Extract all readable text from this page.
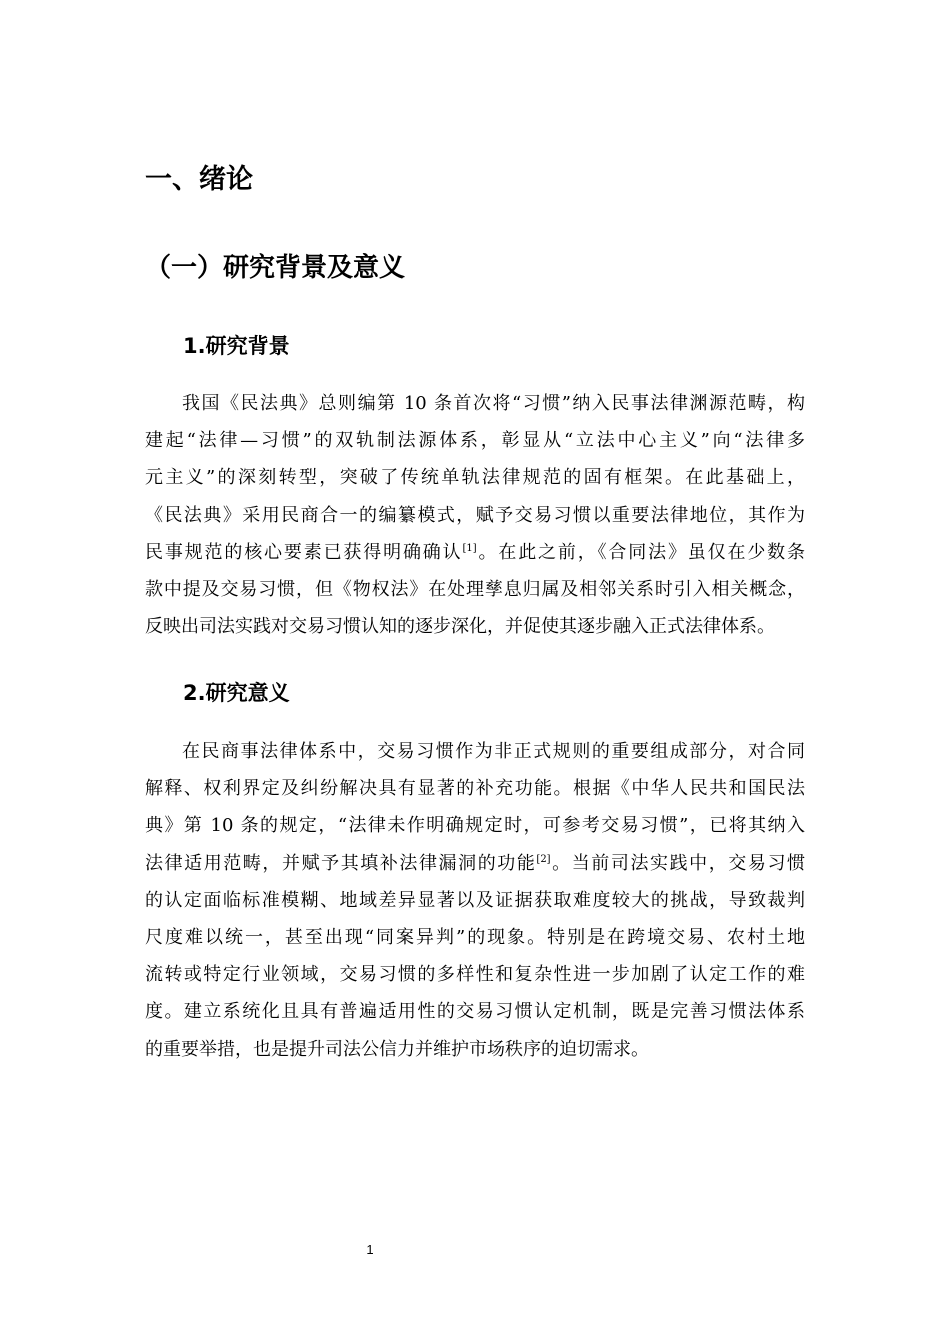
一、绪论
（一）研究背景及意义
1.研究背景
我国《民法典》总则编第 10 条首次将“习惯”纳入民事法律渊源范畴，构
建起“法律—习惯”的双轨制法源体系，彰显从“立法中心主义”向“法律多
元主义”的深刻转型，突破了传统单轨法律规范的固有框架。在此基础上，
《民法典》采用民商合一的编纂模式，赋予交易习惯以重要法律地位，其作为
民事规范的核心要素已获得明确确认[1]。在此之前，《合同法》虽仅在少数条
款中提及交易习惯，但《物权法》在处理孳息归属及相邻关系时引入相关概念，
反映出司法实践对交易习惯认知的逐步深化，并促使其逐步融入正式法律体系。
2.研究意义
在民商事法律体系中，交易习惯作为非正式规则的重要组成部分，对合同
解释、权利界定及纠纷解决具有显著的补充功能。根据《中华人民共和国民法
典》第 10 条的规定，“法律未作明确规定时，可参考交易习惯”，已将其纳入
法律适用范畴，并赋予其填补法律漏洞的功能[2]。当前司法实践中，交易习惯
的认定面临标准模糊、地域差异显著以及证据获取难度较大的挑战，导致裁判
尺度难以统一，甚至出现“同案异判”的现象。特别是在跨境交易、农村土地
流转或特定行业领域，交易习惯的多样性和复杂性进一步加剧了认定工作的难
度。建立系统化且具有普遍适用性的交易习惯认定机制，既是完善习惯法体系
的重要举措，也是提升司法公信力并维护市场秩序的迫切需求。
1
